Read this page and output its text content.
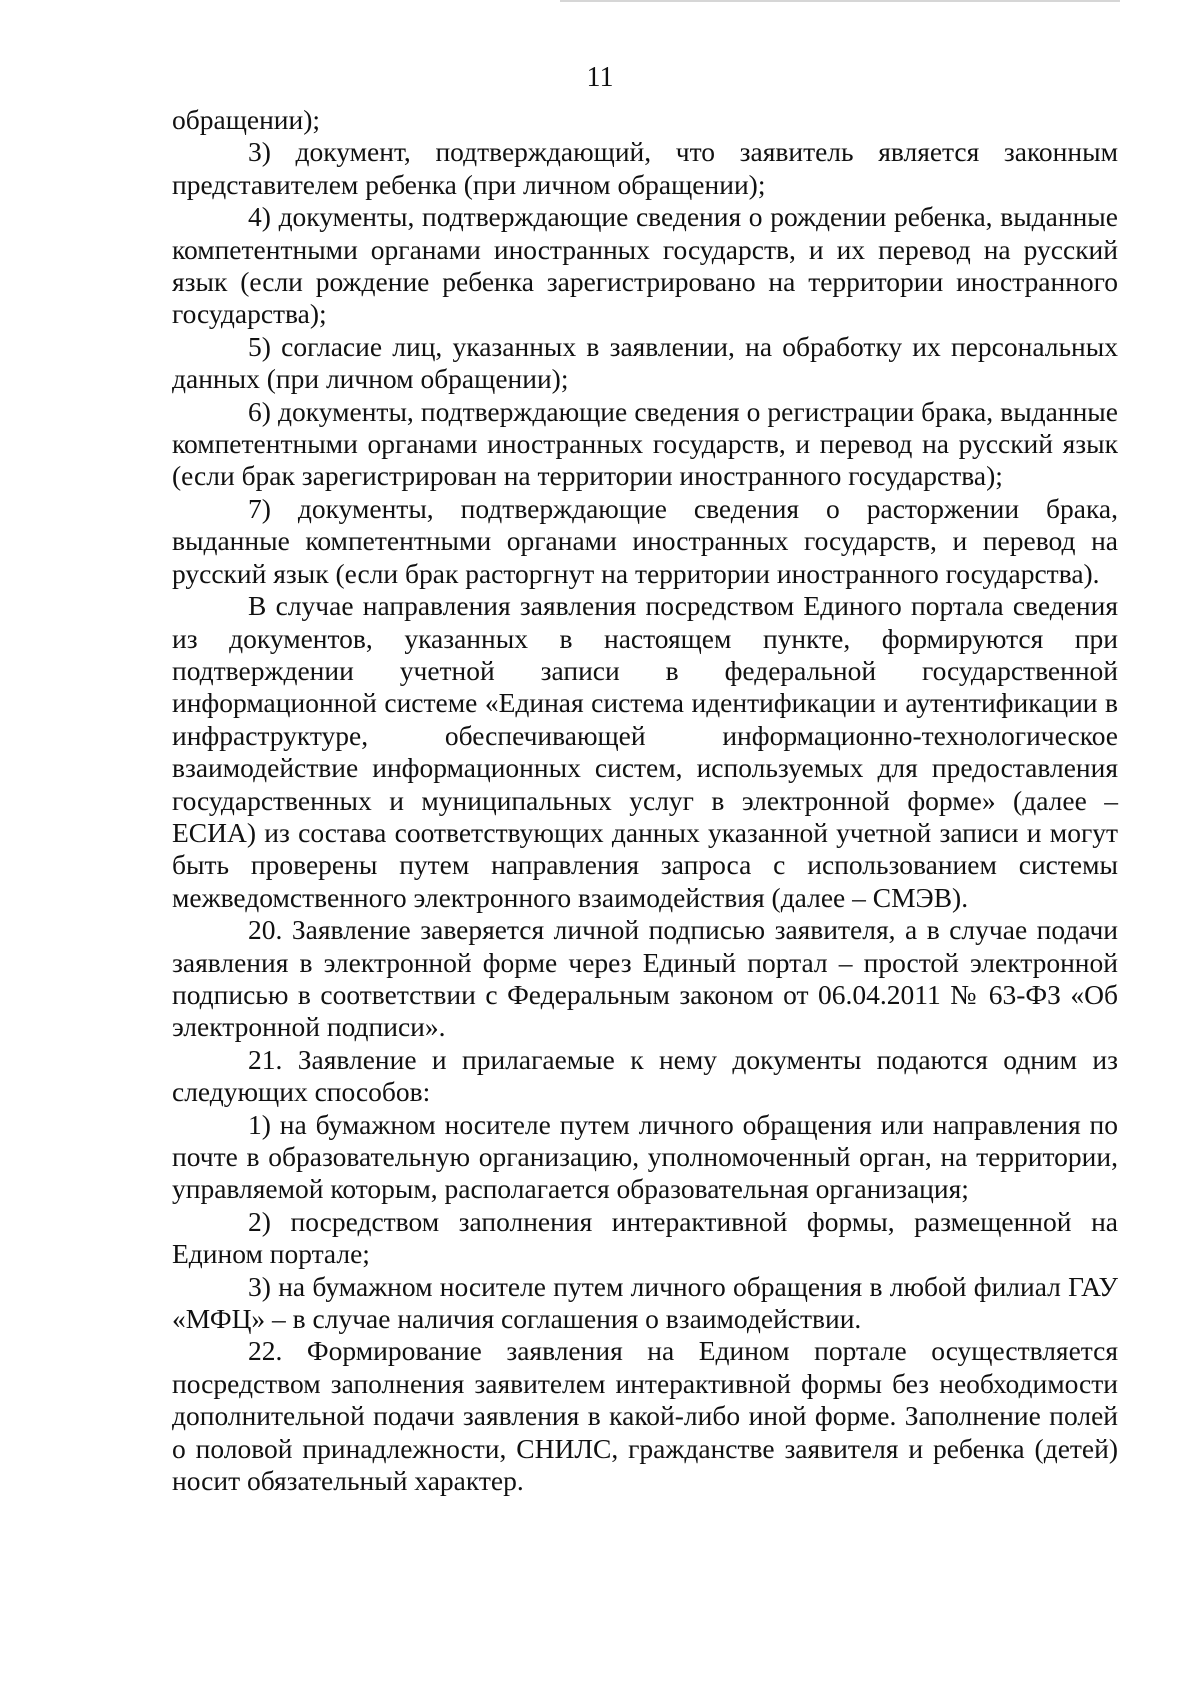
11

обращении);

3) документ, подтверждающий, что заявитель является законным представителем ребенка (при личном обращении);

4) документы, подтверждающие сведения о рождении ребенка, выданные компетентными органами иностранных государств, и их перевод на русский язык (если рождение ребенка зарегистрировано на территории иностранного государства);

5) согласие лиц, указанных в заявлении, на обработку их персональных данных (при личном обращении);

6) документы, подтверждающие сведения о регистрации брака, выданные компетентными органами иностранных государств, и перевод на русский язык (если брак зарегистрирован на территории иностранного государства);

7) документы, подтверждающие сведения о расторжении брака, выданные компетентными органами иностранных государств, и перевод на русский язык (если брак расторгнут на территории иностранного государства).

В случае направления заявления посредством Единого портала сведения из документов, указанных в настоящем пункте, формируются при подтверждении учетной записи в федеральной государственной информационной системе «Единая система идентификации и аутентификации в инфраструктуре, обеспечивающей информационно-технологическое взаимодействие информационных систем, используемых для предоставления государственных и муниципальных услуг в электронной форме» (далее – ЕСИА) из состава соответствующих данных указанной учетной записи и могут быть проверены путем направления запроса с использованием системы межведомственного электронного взаимодействия (далее – СМЭВ).

20. Заявление заверяется личной подписью заявителя, а в случае подачи заявления в электронной форме через Единый портал – простой электронной подписью в соответствии с Федеральным законом от 06.04.2011 № 63-ФЗ «Об электронной подписи».

21. Заявление и прилагаемые к нему документы подаются одним из следующих способов:

1) на бумажном носителе путем личного обращения или направления по почте в образовательную организацию, уполномоченный орган, на территории, управляемой которым, располагается образовательная организация;

2) посредством заполнения интерактивной формы, размещенной на Едином портале;

3) на бумажном носителе путем личного обращения в любой филиал ГАУ «МФЦ» – в случае наличия соглашения о взаимодействии.

22. Формирование заявления на Едином портале осуществляется посредством заполнения заявителем интерактивной формы без необходимости дополнительной подачи заявления в какой-либо иной форме. Заполнение полей о половой принадлежности, СНИЛС, гражданстве заявителя и ребенка (детей) носит обязательный характер.
